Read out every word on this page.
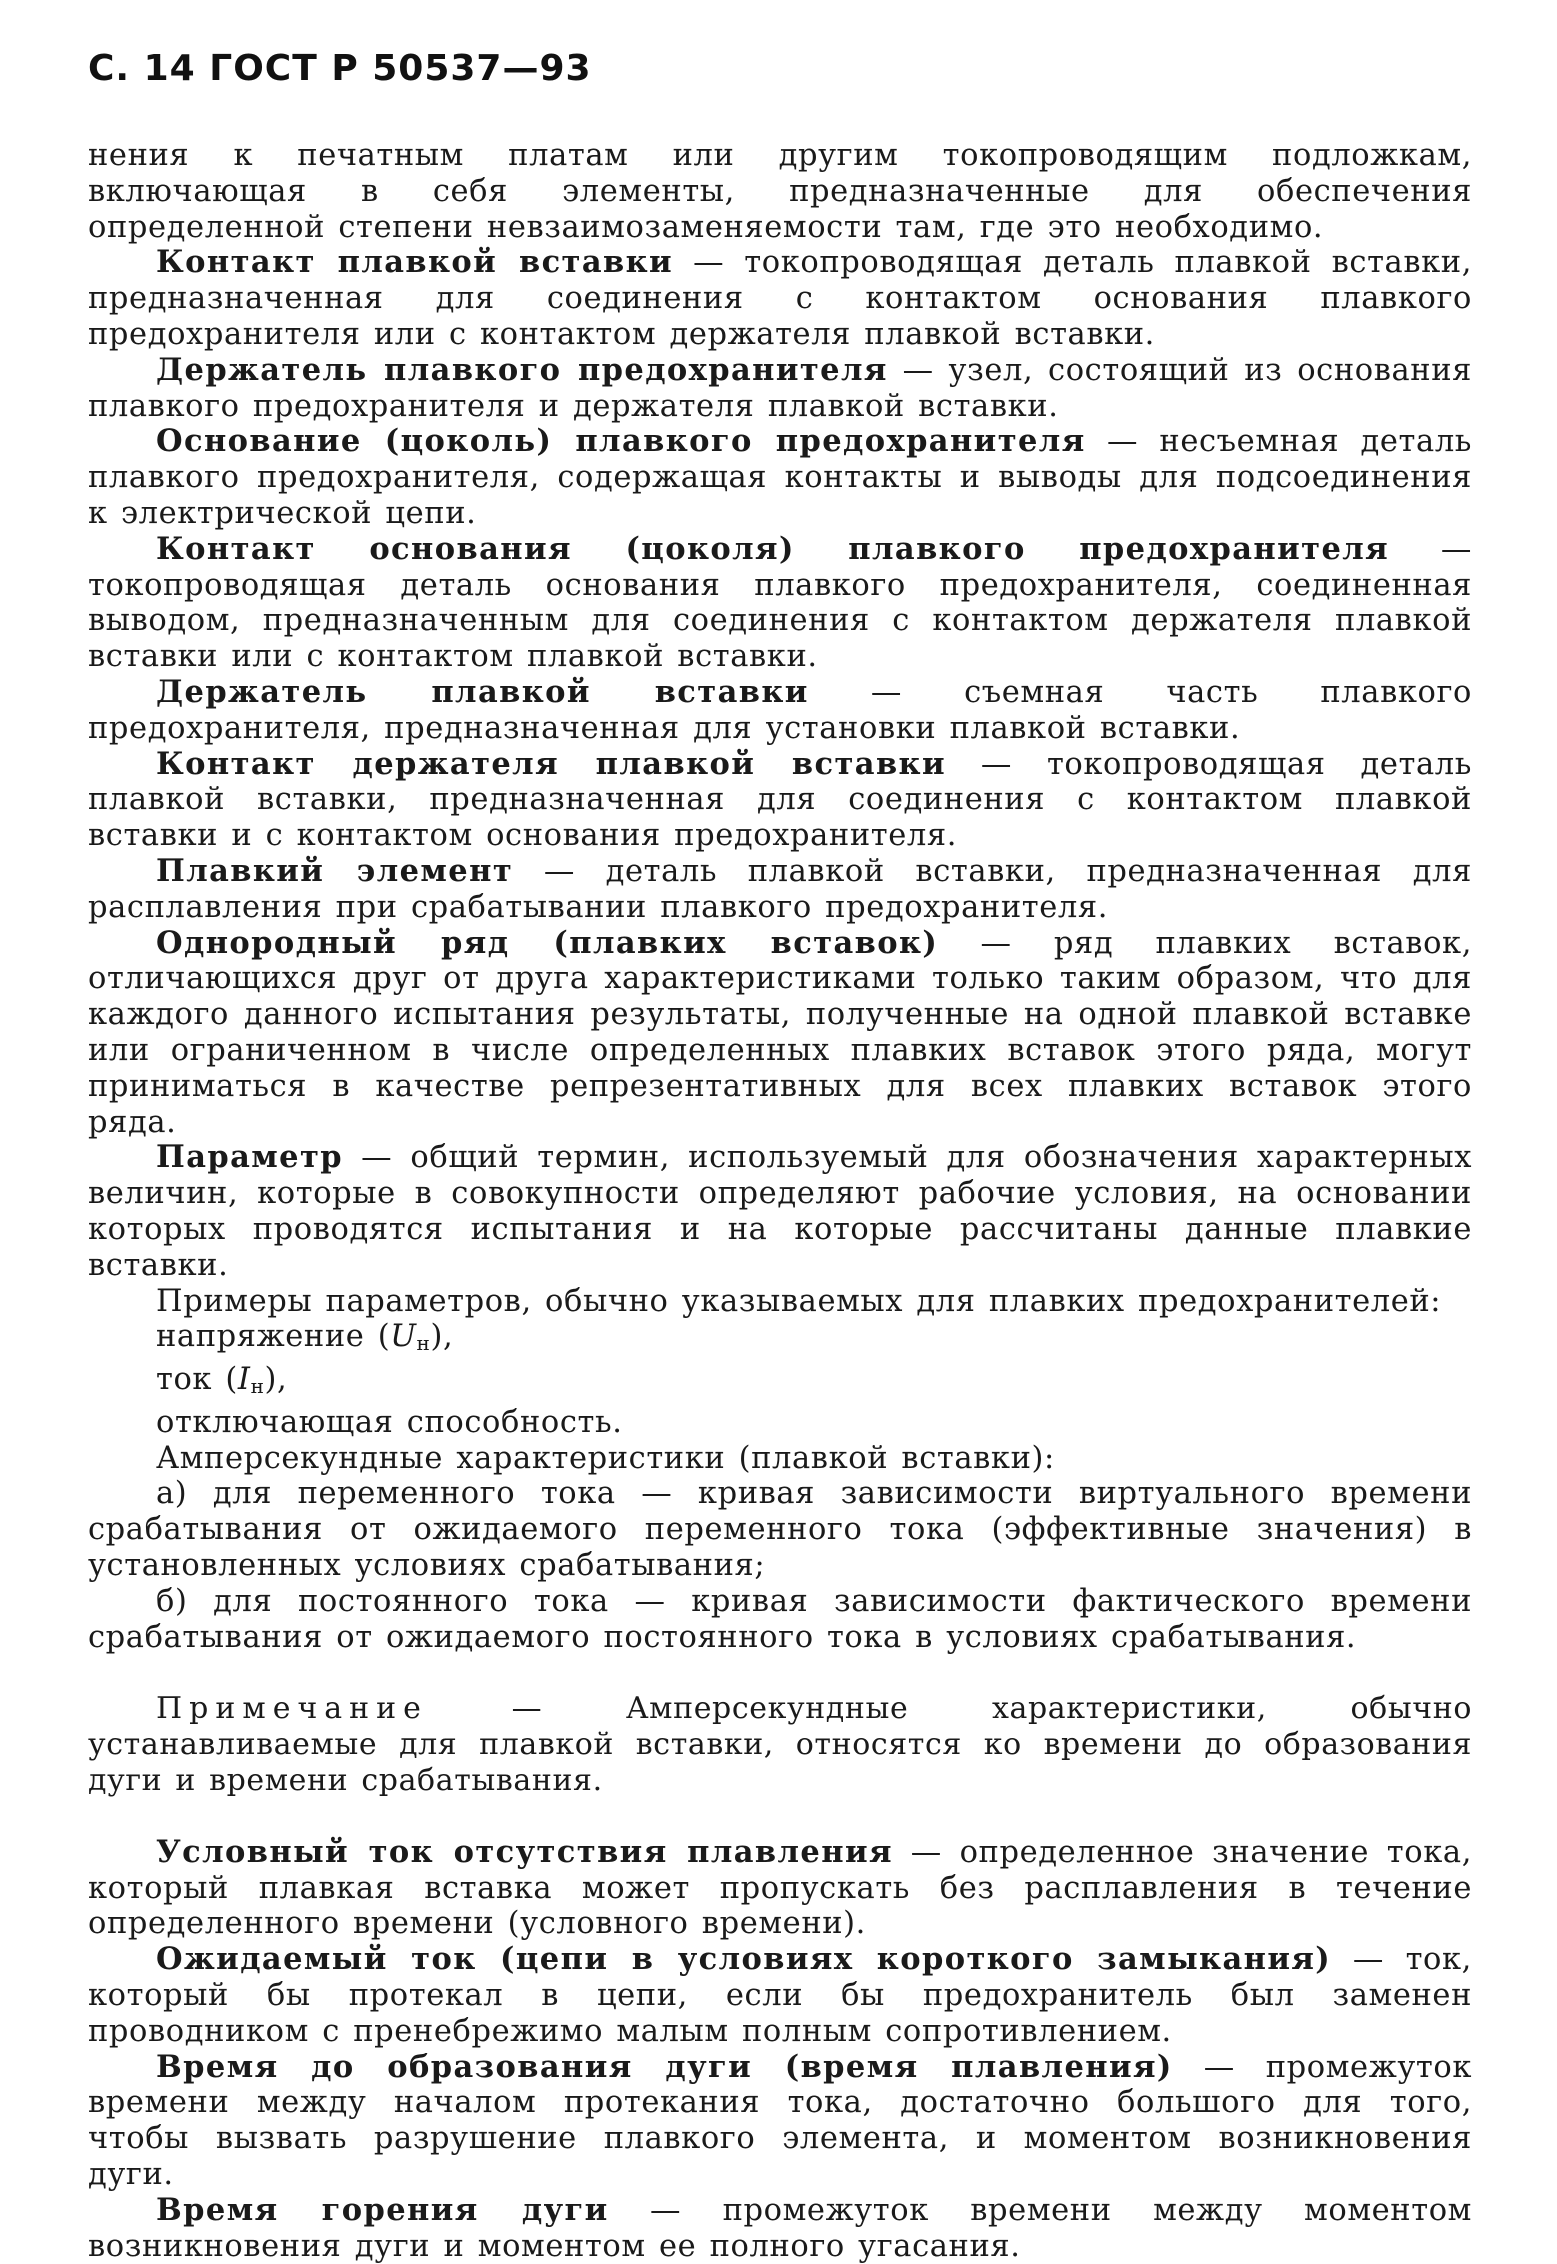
С. 14 ГОСТ Р 50537—93

нения к печатным платам или другим токопроводящим подложкам, включающая в себя элементы, предназначенные для обеспечения определенной степени невзаимозаменяемости там, где это необходимо.

Контакт плавкой вставки — токопроводящая деталь плавкой вставки, предназначенная для соединения с контактом основания плавкого предохранителя или с контактом держателя плавкой вставки.

Держатель плавкого предохранителя — узел, состоящий из основания плавкого предохранителя и держателя плавкой вставки.

Основание (цоколь) плавкого предохранителя — несъемная деталь плавкого предохранителя, содержащая контакты и выводы для подсоединения к электрической цепи.

Контакт основания (цоколя) плавкого предохранителя — токопроводящая деталь основания плавкого предохранителя, соединенная выводом, предназначенным для соединения с контактом держателя плавкой вставки или с контактом плавкой вставки.

Держатель плавкой вставки — съемная часть плавкого предохранителя, предназначенная для установки плавкой вставки.

Контакт держателя плавкой вставки — токопроводящая деталь плавкой вставки, предназначенная для соединения с контактом плавкой вставки и с контактом основания предохранителя.

Плавкий элемент — деталь плавкой вставки, предназначенная для расплавления при срабатывании плавкого предохранителя.

Однородный ряд (плавких вставок) — ряд плавких вставок, отличающихся друг от друга характеристиками только таким образом, что для каждого данного испытания результаты, полученные на одной плавкой вставке или ограниченном в числе определенных плавких вставок этого ряда, могут приниматься в качестве репрезентативных для всех плавких вставок этого ряда.

Параметр — общий термин, используемый для обозначения характерных величин, которые в совокупности определяют рабочие условия, на основании которых проводятся испытания и на которые рассчитаны данные плавкие вставки.

Примеры параметров, обычно указываемых для плавких предохранителей:

напряжение $(U_н)$,

ток $(I_н)$,

отключающая способность.

Амперсекундные характеристики (плавкой вставки):

а) для переменного тока — кривая зависимости виртуального времени срабатывания от ожидаемого переменного тока (эффективные значения) в установленных условиях срабатывания;

б) для постоянного тока — кривая зависимости фактического времени срабатывания от ожидаемого постоянного тока в условиях срабатывания.

Примечание — Амперсекундные характеристики, обычно устанавливаемые для плавкой вставки, относятся ко времени до образования дуги и времени срабатывания.

Условный ток отсутствия плавления — определенное значение тока, который плавкая вставка может пропускать без расплавления в течение определенного времени (условного времени).

Ожидаемый ток (цепи в условиях короткого замыкания) — ток, который бы протекал в цепи, если бы предохранитель был заменен проводником с пренебрежимо малым полным сопротивлением.

Время до образования дуги (время плавления) — промежуток времени между началом протекания тока, достаточно большого для того, чтобы вызвать разрушение плавкого элемента, и моментом возникновения дуги.

Время горения дуги — промежуток времени между моментом возникновения дуги и моментом ее полного угасания.
